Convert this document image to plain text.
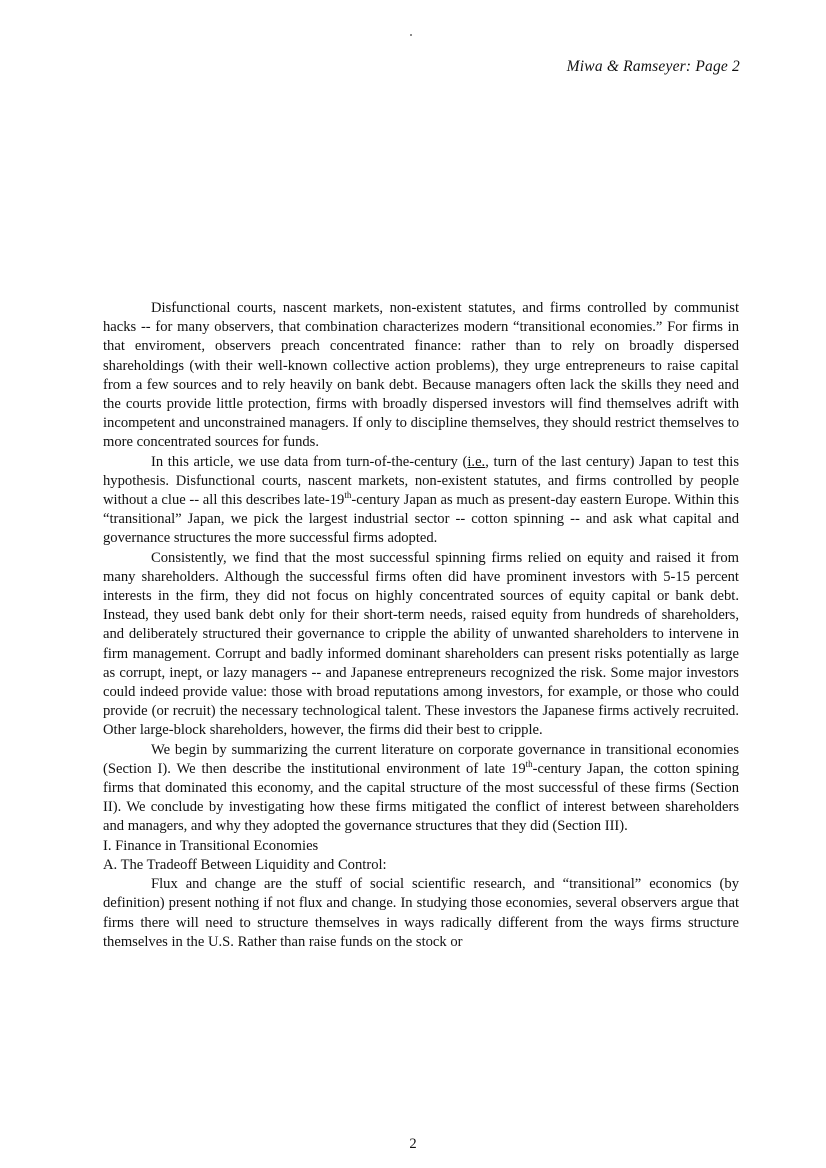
Miwa & Ramseyer: Page 2

Disfunctional courts, nascent markets, non-existent statutes, and firms controlled by communist hacks -- for many observers, that combination characterizes modern “transitional economies.” For firms in that enviroment, observers preach concentrated finance: rather than to rely on broadly dispersed shareholdings (with their well-known collective action problems), they urge entrepreneurs to raise capital from a few sources and to rely heavily on bank debt. Because managers often lack the skills they need and the courts provide little protection, firms with broadly dispersed investors will find themselves adrift with incompetent and unconstrained managers. If only to discipline themselves, they should restrict themselves to more concentrated sources for funds.

In this article, we use data from turn-of-the-century (i.e., turn of the last century) Japan to test this hypothesis. Disfunctional courts, nascent markets, non-existent statutes, and firms controlled by people without a clue -- all this describes late-19th-century Japan as much as present-day eastern Europe. Within this “transitional” Japan, we pick the largest industrial sector -- cotton spinning -- and ask what capital and governance structures the more successful firms adopted.

Consistently, we find that the most successful spinning firms relied on equity and raised it from many shareholders. Although the successful firms often did have prominent investors with 5-15 percent interests in the firm, they did not focus on highly concentrated sources of equity capital or bank debt. Instead, they used bank debt only for their short-term needs, raised equity from hundreds of shareholders, and deliberately structured their governance to cripple the ability of unwanted shareholders to intervene in firm management. Corrupt and badly informed dominant shareholders can present risks potentially as large as corrupt, inept, or lazy managers -- and Japanese entrepreneurs recognized the risk. Some major investors could indeed provide value: those with broad reputations among investors, for example, or those who could provide (or recruit) the necessary technological talent. These investors the Japanese firms actively recruited. Other large-block shareholders, however, the firms did their best to cripple.

We begin by summarizing the current literature on corporate governance in transitional economies (Section I). We then describe the institutional environment of late 19th-century Japan, the cotton spining firms that dominated this economy, and the capital structure of the most successful of these firms (Section II). We conclude by investigating how these firms mitigated the conflict of interest between shareholders and managers, and why they adopted the governance structures that they did (Section III).

I. Finance in Transitional Economies

A. The Tradeoff Between Liquidity and Control:

Flux and change are the stuff of social scientific research, and “transitional” economics (by definition) present nothing if not flux and change. In studying those economies, several observers argue that firms there will need to structure themselves in ways radically different from the ways firms structure themselves in the U.S. Rather than raise funds on the stock or

2
